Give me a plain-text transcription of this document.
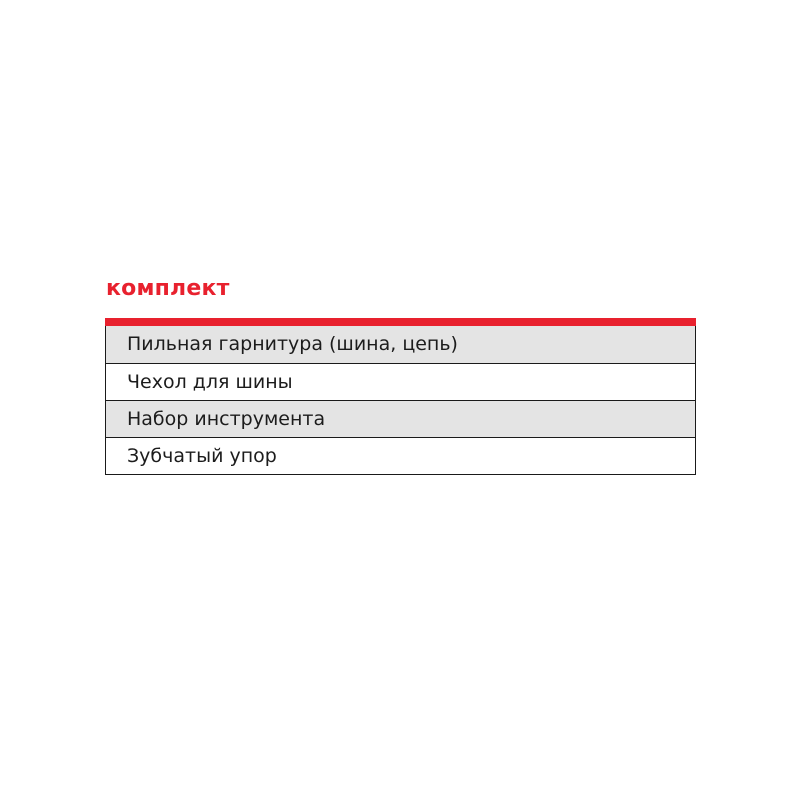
комплект
Пильная гарнитура (шина, цепь)
Чехол для шины
Набор инструмента
Зубчатый упор
